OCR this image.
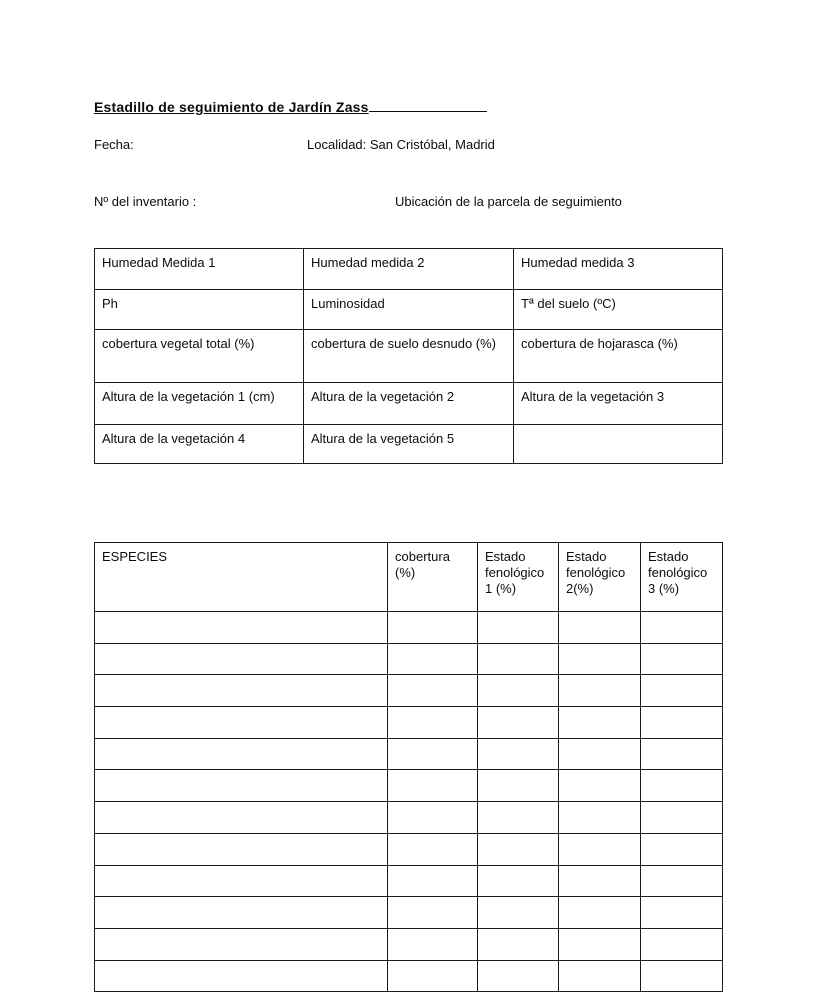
Estadillo de seguimiento de Jardín Zass
Fecha:	Localidad: San Cristóbal, Madrid
Nº del inventario :	Ubicación de la parcela de seguimiento
Humedad Medida 1	Humedad medida 2	Humedad medida 3
Ph	Luminosidad	Tª del suelo (ºC)
cobertura vegetal total (%)	cobertura de suelo desnudo (%)	cobertura de hojarasca (%)
Altura de la vegetación 1 (cm)	Altura de la vegetación 2	Altura de la vegetación 3
Altura de la vegetación 4	Altura de la vegetación 5	
ESPECIES	cobertura (%)	Estado fenológico 1 (%)	Estado fenológico 2(%)	Estado fenológico 3 (%)
